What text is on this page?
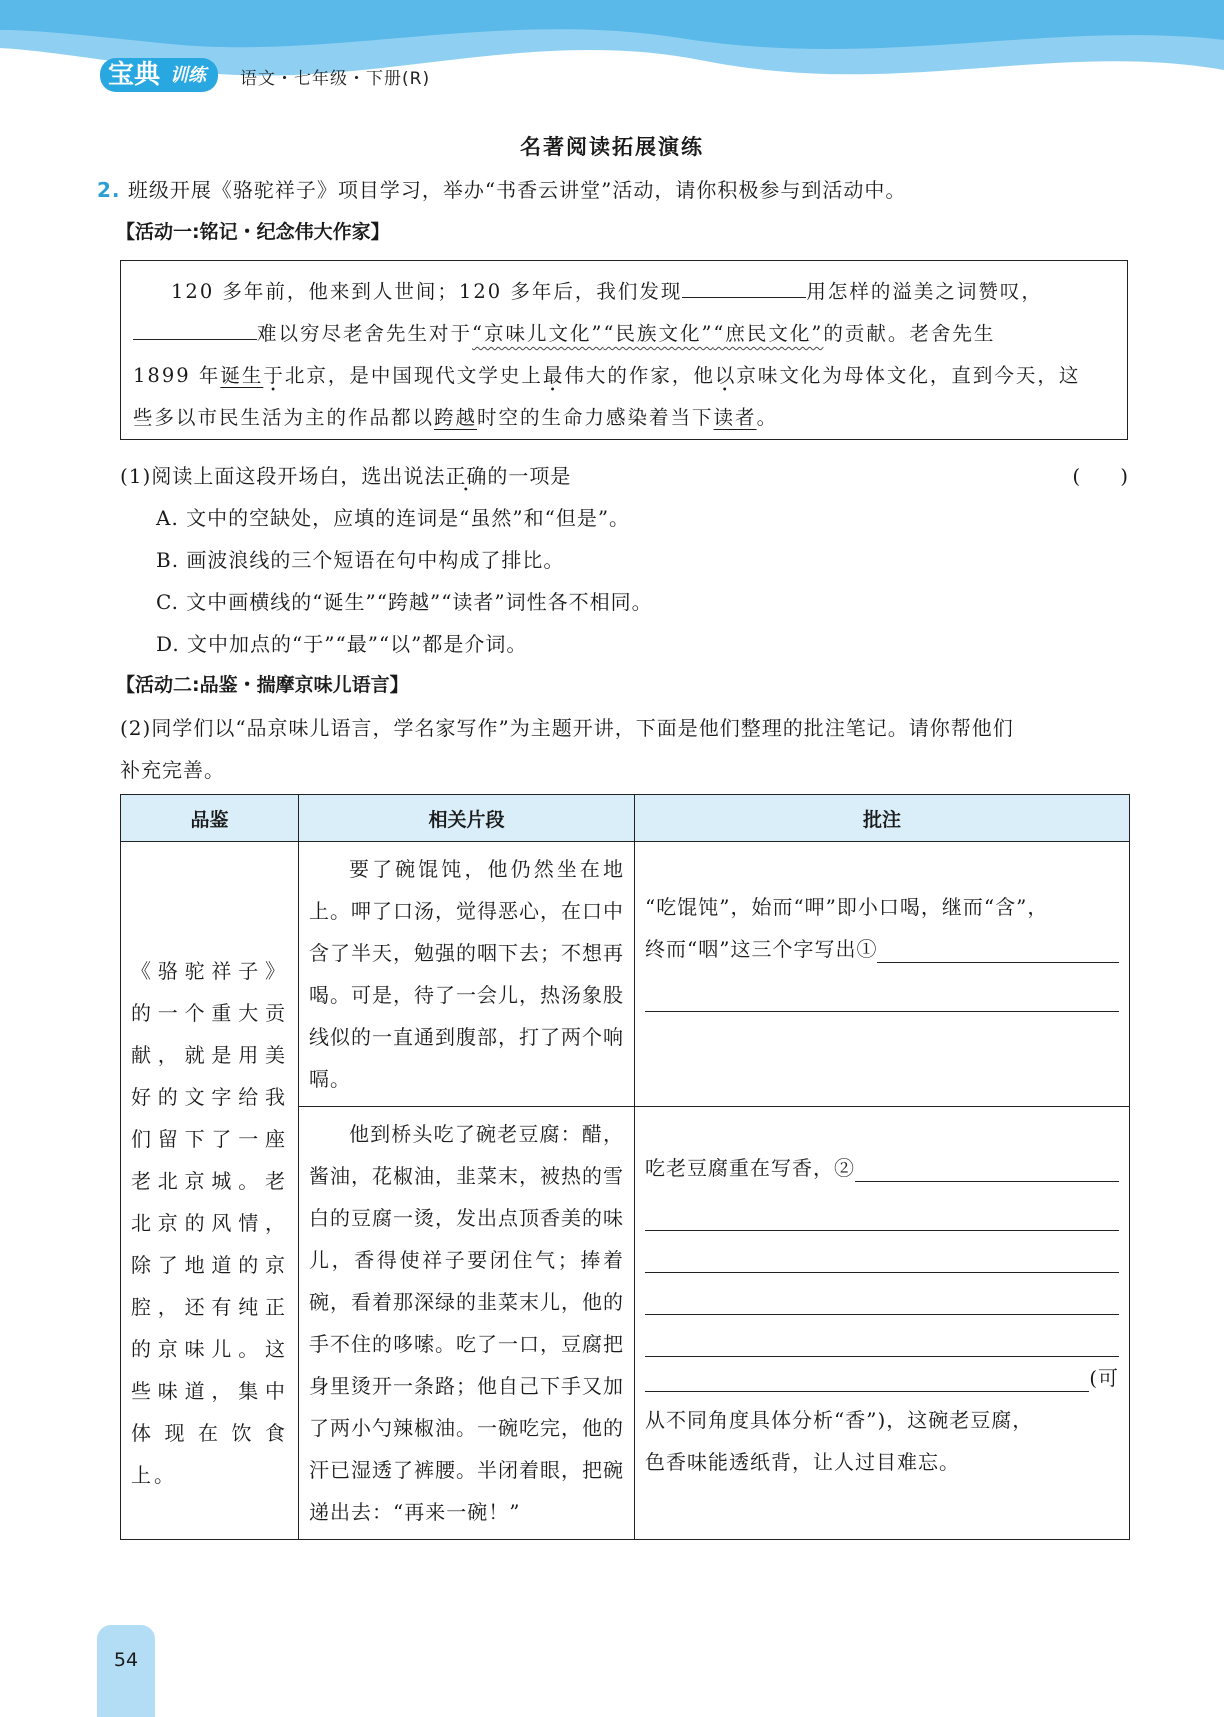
宝典 训练	语文・七年级・下册(R)
名著阅读拓展演练
2. 班级开展《骆驼祥子》项目学习，举办“书香云讲堂”活动，请你积极参与到活动中。
【活动一:铭记・纪念伟大作家】
120 多年前，他来到人世间；120 多年后，我们发现	用怎样的溢美之词赞叹，
难以穷尽老舍先生对于“京味儿文化”“民族文化”“庶民文化”的贡献。老舍先生
1899 年诞生于北京，是中国现代文学史上最伟大的作家，他以京味文化为母体文化，直到今天，这
些多以市民生活为主的作品都以跨越时空的生命力感染着当下读者。
(1)阅读上面这段开场白，选出说法正确的一项是	(　　)
A. 文中的空缺处，应填的连词是“虽然”和“但是”。
B. 画波浪线的三个短语在句中构成了排比。
C. 文中画横线的“诞生”“跨越”“读者”词性各不相同。
D. 文中加点的“于”“最”“以”都是介词。
【活动二:品鉴・揣摩京味儿语言】
(2)同学们以“品京味儿语言，学名家写作”为主题开讲，下面是他们整理的批注笔记。请你帮他们
补充完善。
品鉴	相关片段	批注

《骆驼祥子》的一个重大贡献，就是用美好的文字给我们留下了一座老北京城。老北京的风情，除了地道的京腔，还有纯正的京味儿。这些味道，集中体现在饮食上。	要了碗馄饨，他仍然坐在地上。呷了口汤，觉得恶心，在口中含了半天，勉强的咽下去；不想再喝。可是，待了一会儿，热汤象股线似的一直通到腹部，打了两个响嗝。	“吃馄饨”，始而“呷”即小口喝，继而“含”，
终而“咽”这三个字写出①

	他到桥头吃了碗老豆腐：醋，酱油，花椒油，韭菜末，被热的雪白的豆腐一烫，发出点顶香美的味儿，香得使祥子要闭住气；捧着碗，看着那深绿的韭菜末儿，他的手不住的哆嗦。吃了一口，豆腐把身里烫开一条路；他自己下手又加了两小勺辣椒油。一碗吃完，他的汗已湿透了裤腰。半闭着眼，把碗递出去：“再来一碗！”	吃老豆腐重在写香，②
(可
从不同角度具体分析“香”)，这碗老豆腐，
色香味能透纸背，让人过目难忘。
54
